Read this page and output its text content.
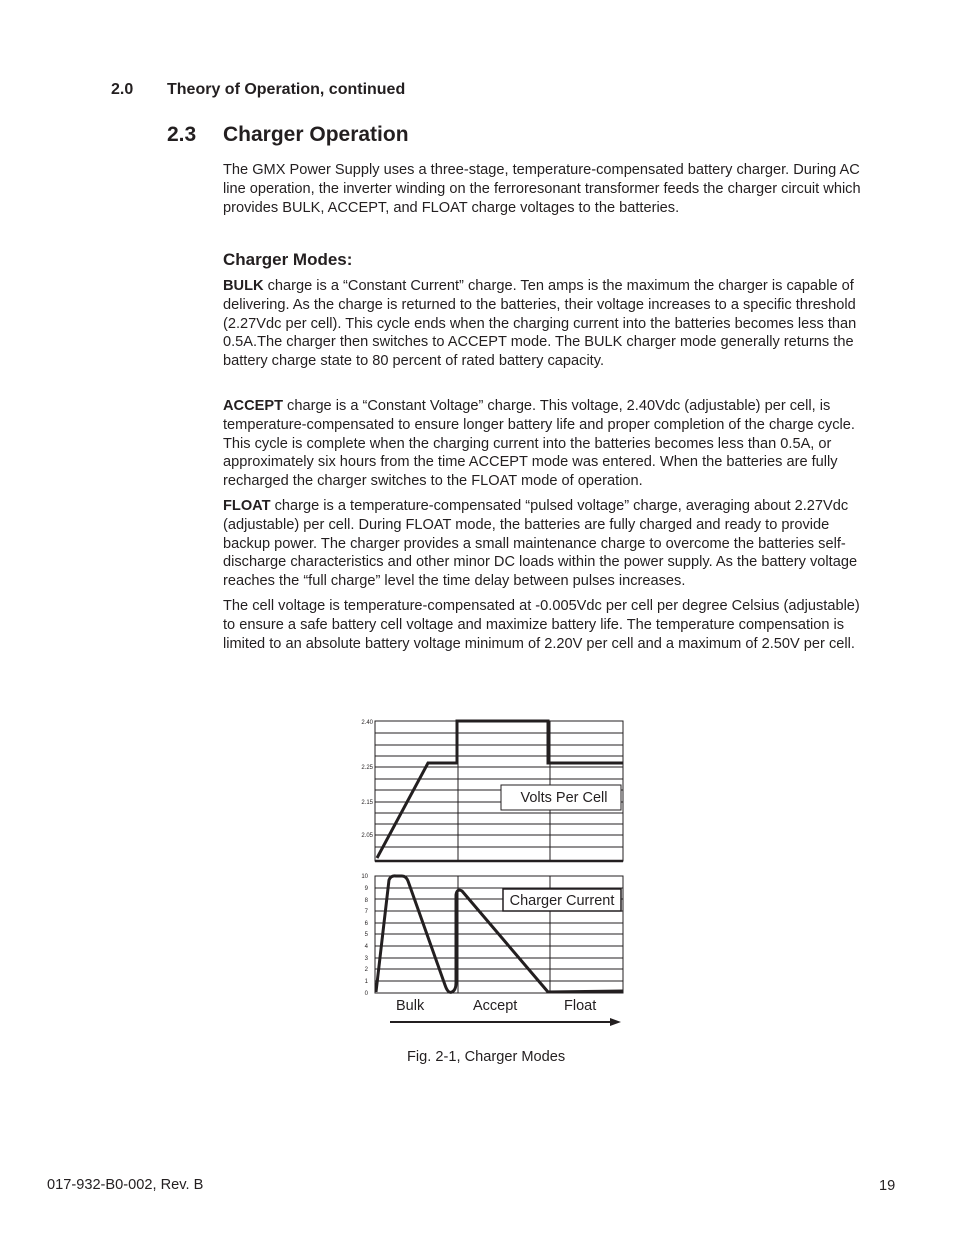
2.0 Theory of Operation, continued
2.3 Charger Operation

The GMX Power Supply uses a three-stage, temperature-compensated battery charger. During AC line operation, the inverter winding on the ferroresonant transformer feeds the charger circuit which provides BULK, ACCEPT, and FLOAT charge voltages to the batteries.

Charger Modes:

BULK charge is a “Constant Current” charge. Ten amps is the maximum the charger is capable of delivering. As the charge is returned to the batteries, their voltage increases to a specific threshold (2.27Vdc per cell). This cycle ends when the charging current into the batteries becomes less than 0.5A.The charger then switches to ACCEPT mode. The BULK charger mode generally returns the battery charge state to 80 percent of rated battery capacity.

ACCEPT charge is a “Constant Voltage” charge. This voltage, 2.40Vdc (adjustable) per cell, is temperature-compensated to ensure longer battery life and proper completion of the charge cycle. This cycle is complete when the charging current into the batteries becomes less than 0.5A, or approximately six hours from the time ACCEPT mode was entered. When the batteries are fully recharged the charger switches to the FLOAT mode of operation.

FLOAT charge is a temperature-compensated “pulsed voltage” charge, averaging about 2.27Vdc (adjustable) per cell. During FLOAT mode, the batteries are fully charged and ready to provide backup power. The charger provides a small maintenance charge to overcome the batteries self-discharge characteristics and other minor DC loads within the power supply. As the battery voltage reaches the “full charge” level the time delay between pulses increases.

The cell voltage is temperature-compensated at -0.005Vdc per cell per degree Celsius (adjustable) to ensure a safe battery cell voltage and maximize battery life. The temperature compensation is limited to an absolute battery voltage minimum of 2.20V per cell and a maximum of 2.50V per cell.

2.40
2.25
2.15
2.05
Volts Per Cell
10
9
8
7
6
5
4
3
2
1
0
Charger Current
Bulk	Accept	Float
Fig. 2-1, Charger Modes
017-932-B0-002, Rev. B	19
